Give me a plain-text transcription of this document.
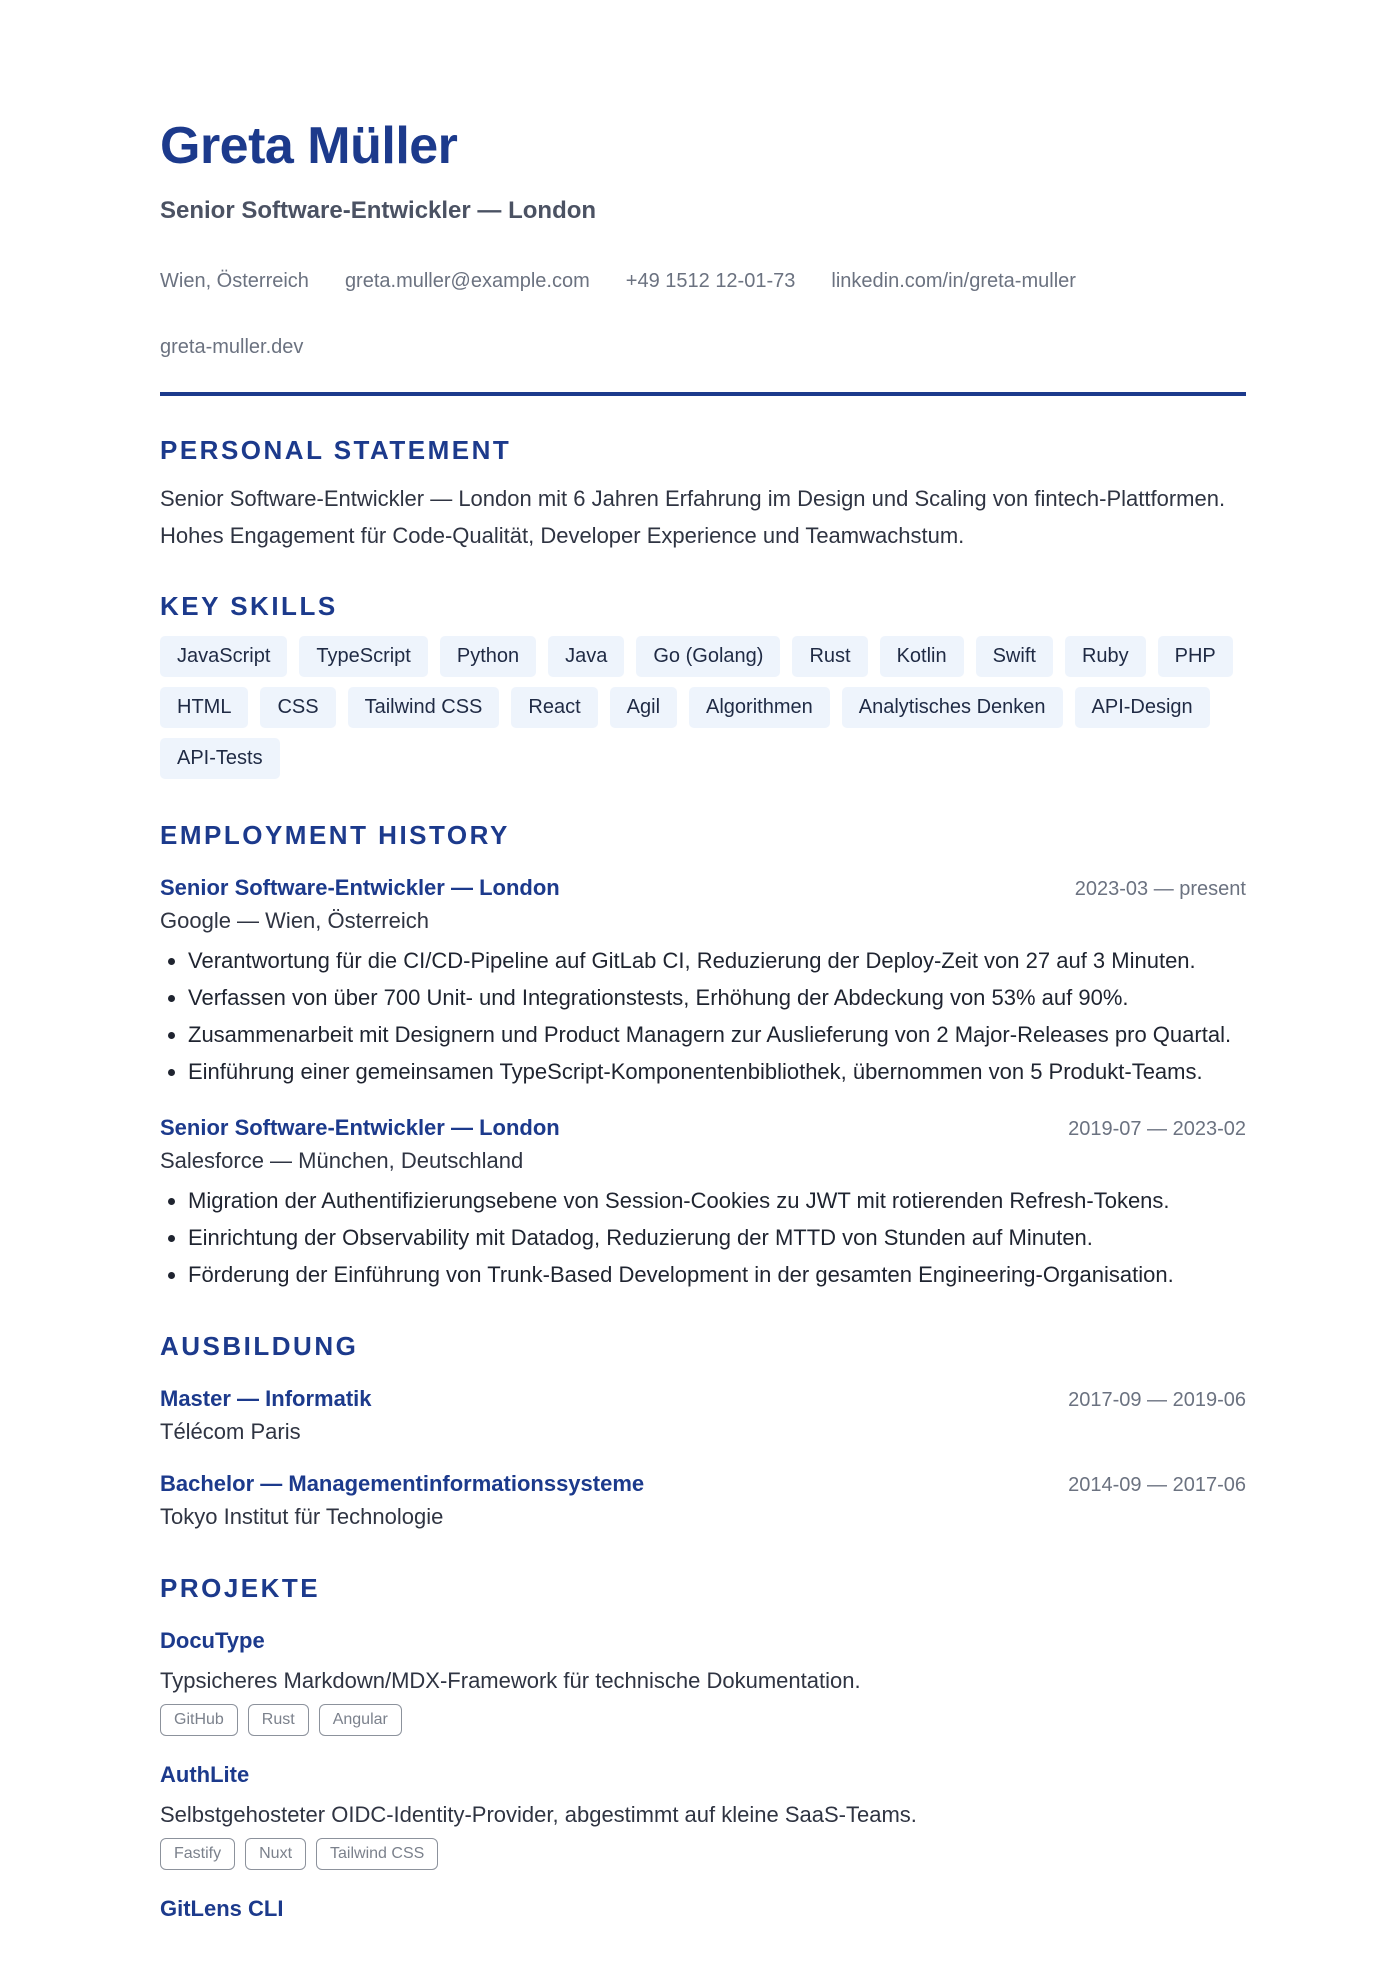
Greta Müller
Senior Software-Entwickler — London
Wien, Österreich greta.muller@example.com +49 1512 12-01-73 linkedin.com/in/greta-muller
greta-muller.dev
PERSONAL STATEMENT

Senior Software-Entwickler — London mit 6 Jahren Erfahrung im Design und Scaling von fintech-Plattformen. Hohes Engagement für Code-Qualität, Developer Experience und Teamwachstum.

KEY SKILLS
JavaScript	TypeScript	Python	Java	Go (Golang)	Rust	Kotlin	Swift	Ruby	PHP
HTML	CSS	Tailwind CSS	React	Agil	Algorithmen	Analytisches Denken	API-Design
API-Tests
EMPLOYMENT HISTORY
Senior Software-Entwickler — London	2023-03 — present
Google — Wien, Österreich
• Verantwortung für die CI/CD-Pipeline auf GitLab CI, Reduzierung der Deploy-Zeit von 27 auf 3 Minuten.
• Verfassen von über 700 Unit- und Integrationstests, Erhöhung der Abdeckung von 53% auf 90%.
• Zusammenarbeit mit Designern und Product Managern zur Auslieferung von 2 Major-Releases pro Quartal.
• Einführung einer gemeinsamen TypeScript-Komponentenbibliothek, übernommen von 5 Produkt-Teams.
Senior Software-Entwickler — London	2019-07 — 2023-02
Salesforce — München, Deutschland
• Migration der Authentifizierungsebene von Session-Cookies zu JWT mit rotierenden Refresh-Tokens.
• Einrichtung der Observability mit Datadog, Reduzierung der MTTD von Stunden auf Minuten.
• Förderung der Einführung von Trunk-Based Development in der gesamten Engineering-Organisation.
AUSBILDUNG
Master — Informatik	2017-09 — 2019-06
Télécom Paris
Bachelor — Managementinformationssysteme	2014-09 — 2017-06
Tokyo Institut für Technologie
PROJEKTE
DocuType
Typsicheres Markdown/MDX-Framework für technische Dokumentation.
GitHub	Rust	Angular
AuthLite
Selbstgehosteter OIDC-Identity-Provider, abgestimmt auf kleine SaaS-Teams.
Fastify	Nuxt	Tailwind CSS
GitLens CLI
